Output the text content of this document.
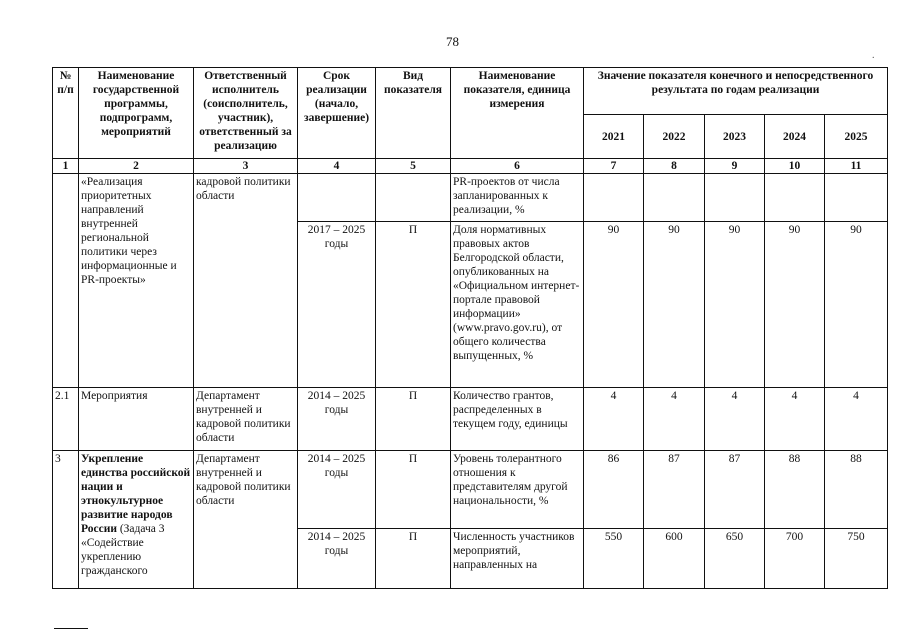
78
.
№ п/п	Наименование государственной программы, подпрограмм, мероприятий	Ответственный исполнитель (соисполнитель, участник), ответственный за реализацию	Срок реализации (начало, завершение)	Вид показателя	Наименование показателя, единица измерения	Значение показателя конечного и непосредственного результата по годам реализации				
						2021	2022	2023	2024	2025
1	2	3	4	5	6	7	8	9	10	11
	«Реализация приоритетных направлений внутренней региональной политики через информационные и PR-проекты»	кадровой политики области			PR-проектов от числа запланированных к реализации, %					
			2017 – 2025 годы	П	Доля нормативных правовых актов Белгородской области, опубликованных на «Официальном интернет-портале правовой информации» (www.pravo.gov.ru), от общего количества выпущенных, %	90	90	90	90	90
2.1	Мероприятия	Департамент внутренней и кадровой политики области	2014 – 2025 годы	П	Количество грантов, распределенных в текущем году, единицы	4	4	4	4	4
3	Укрепление единства российской нации и этнокультурное развитие народов России (Задача 3 «Содействие укреплению гражданского	Департамент внутренней и кадровой политики области	2014 – 2025 годы	П	Уровень толерантного отношения к представителям другой национальности, %	86	87	87	88	88
			2014 – 2025 годы	П	Численность участников мероприятий, направленных на	550	600	650	700	750
